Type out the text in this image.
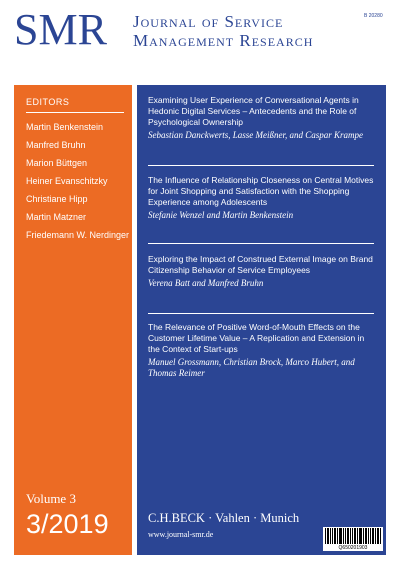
SMR Journal of Service
Management Research
B 20280
EDITORS
Martin Benkenstein
Manfred Bruhn
Marion Büttgen
Heiner Evanschitzky
Christiane Hipp
Martin Matzner
Friedemann W. Nerdinger
Volume 3
3/2019

Examining User Experience of Conversational Agents in Hedonic Digital Services – Antecedents and the Role of Psychological Ownership

Sebastian Danckwerts, Lasse Meißner, and Caspar Krampe

The Influence of Relationship Closeness on Central Motives for Joint Shopping and Satisfaction with the Shopping Experience among Adolescents

Stefanie Wenzel and Martin Benkenstein

Exploring the Impact of Construed External Image on Brand Citizenship Behavior of Service Employees

Verena Batt and Manfred Bruhn

The Relevance of Positive Word-of-Mouth Effects on the Customer Lifetime Value – A Replication and Extension in the Context of Start-ups

Manuel Grossmann, Christian Brock, Marco Hubert, and Thomas Reimer
C.H.BECK · Vahlen · Munich
www.journal-smr.de
Q650201903
